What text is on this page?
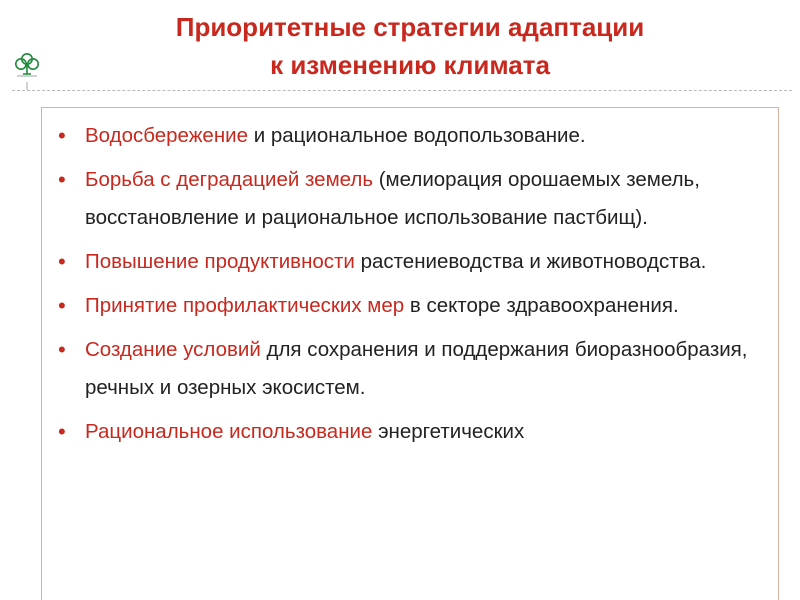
Приоритетные стратегии адаптации
к изменению климата
• Водосбережение и рациональное водопользование.
• Борьба с деградацией земель (мелиорация орошаемых земель, восстановление и рациональное использование пастбищ).
• Повышение продуктивности растениеводства и животноводства.
• Принятие профилактических мер в секторе здравоохранения.
• Создание условий для сохранения и поддержания биоразнообразия, речных и озерных экосистем.
• Рациональное использование энергетических
